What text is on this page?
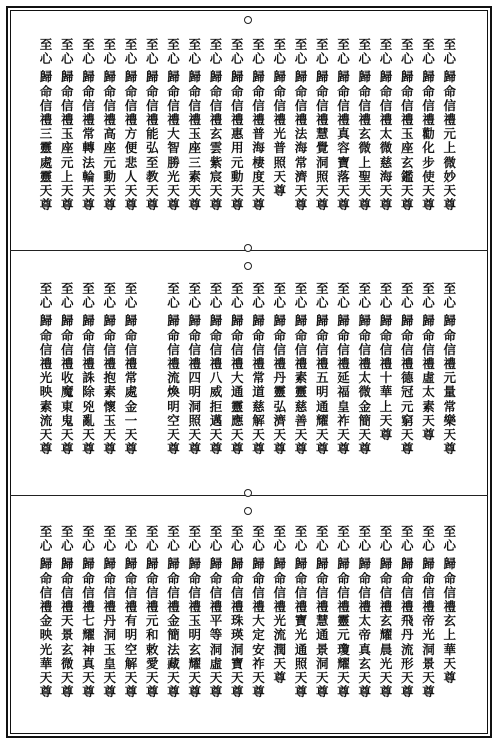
至
心
歸
命
信
禮
元
上
微
妙
天
尊
至
心
歸
命
信
禮
勸
化
步
使
天
尊
至
心
歸
命
信
禮
玉
座
玄
鑑
天
尊
至
心
歸
命
信
禮
太
微
慈
海
天
尊
至
心
歸
命
信
禮
玄
微
上
聖
天
尊
至
心
歸
命
信
禮
真
容
寶
落
天
尊
至
心
歸
命
信
禮
慧
覺
洞
照
天
尊
至
心
歸
命
信
禮
法
海
常
濟
天
尊
至
心
歸
命
信
禮
光
普
照
天
尊
至
心
歸
命
信
禮
普
海
棲
度
天
尊
至
心
歸
命
信
禮
惠
用
元
動
天
尊
至
心
歸
命
信
禮
玄
雲
紫
宸
天
尊
至
心
歸
命
信
禮
玉
座
三
素
天
尊
至
心
歸
命
信
禮
大
智
勝
光
天
尊
至
心
歸
命
信
禮
能
弘
至
教
天
尊
至
心
歸
命
信
禮
方
便
悲
人
天
尊
至
心
歸
命
信
禮
高
座
元
動
天
尊
至
心
歸
命
信
禮
常
轉
法
輪
天
尊
至
心
歸
命
信
禮
玉
座
元
上
天
尊
至
心
歸
命
信
禮
三
靈
處
靈
天
尊
至
心
歸
命
信
禮
元
量
常
樂
天
尊
至
心
歸
命
信
禮
虛
太
素
天
尊
至
心
歸
命
信
禮
德
冠
元
窮
天
尊
至
心
歸
命
信
禮
十
華
上
天
尊
至
心
歸
命
信
禮
太
微
金
簡
天
尊
至
心
歸
命
信
禮
延
福
皇
祚
天
尊
至
心
歸
命
信
禮
五
明
通
耀
天
尊
至
心
歸
命
信
禮
素
靈
慈
善
天
尊
至
心
歸
命
信
禮
丹
靈
弘
濟
天
尊
至
心
歸
命
信
禮
常
道
慈
解
天
尊
至
心
歸
命
信
禮
大
通
靈
應
天
尊
至
心
歸
命
信
禮
八
威
拒
邁
天
尊
至
心
歸
命
信
禮
四
明
洞
照
天
尊
至
心
歸
命
信
禮
流
煥
明
空
天
尊
至
心
歸
命
信
禮
常
處
金
一
天
尊
至
心
歸
命
信
禮
抱
素
懷
玉
天
尊
至
心
歸
命
信
禮
誅
除
兇
亂
天
尊
至
心
歸
命
信
禮
收
魔
東
鬼
天
尊
至
心
歸
命
信
禮
光
映
素
流
天
尊
至
心
歸
命
信
禮
玄
上
華
天
尊
至
心
歸
命
信
禮
帝
光
洞
景
天
尊
至
心
歸
命
信
禮
飛
丹
流
形
天
尊
至
心
歸
命
信
禮
玄
耀
晨
光
天
尊
至
心
歸
命
信
禮
太
帝
真
玄
天
尊
至
心
歸
命
信
禮
靈
元
瓊
耀
天
尊
至
心
歸
命
信
禮
慧
通
景
洞
天
尊
至
心
歸
命
信
禮
寶
光
通
照
天
尊
至
心
歸
命
信
禮
光
流
潤
天
尊
至
心
歸
命
信
禮
大
定
安
祚
天
尊
至
心
歸
命
信
禮
珠
瑛
洞
寶
天
尊
至
心
歸
命
信
禮
平
等
洞
虛
天
尊
至
心
歸
命
信
禮
玉
明
玄
耀
天
尊
至
心
歸
命
信
禮
金
簡
法
藏
天
尊
至
心
歸
命
信
禮
元
和
敕
愛
天
尊
至
心
歸
命
信
禮
有
明
空
解
天
尊
至
心
歸
命
信
禮
丹
洞
玉
皇
天
尊
至
心
歸
命
信
禮
七
耀
神
真
天
尊
至
心
歸
命
信
禮
天
景
玄
微
天
尊
至
心
歸
命
信
禮
金
映
光
華
天
尊
